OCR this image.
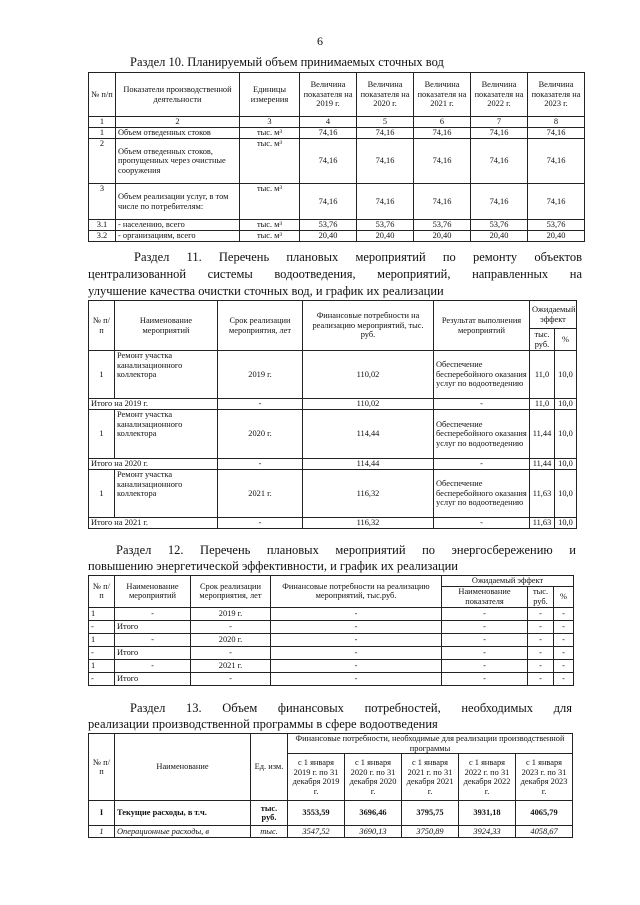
6
Раздел 10. Планируемый объем принимаемых сточных вод
№ п/п	Показатели производственной деятельности	Единицы измерения	Величина показателя на 2019 г.	Величина показателя на 2020 г.	Величина показателя на 2021 г.	Величина показателя на 2022 г.	Величина показателя на 2023 г.
1	2	3	4	5	6	7	8
1	Объем отведенных стоков	тыс. м³	74,16	74,16	74,16	74,16	74,16
2	Объем отведенных стоков, пропущенных через очистные сооружения	тыс. м³	74,16	74,16	74,16	74,16	74,16
3	Объем реализации услуг, в том числе по потребителям:	тыс. м³	74,16	74,16	74,16	74,16	74,16
3.1	- населению, всего	тыс. м³	53,76	53,76	53,76	53,76	53,76
3.2	- организациям, всего	тыс. м³	20,40	20,40	20,40	20,40	20,40
Раздел 11. Перечень плановых мероприятий по ремонту объектов
централизованной системы водоотведения, мероприятий, направленных на
улучшение качества очистки сточных вод, и график их реализации
№ п/ п	Наименование мероприятий	Срок реализации мероприятия, лет	Финансовые потребности на реализацию мероприятий, тыс. руб.	Результат выполнения мероприятий	Ожидаемый эффект	
					тыс. руб.	%
1	Ремонт участка канализационного коллектора	2019 г.	110,02	Обеспечение бесперебойного оказания услуг по водоотведению	11,0	10,0
Итого на 2019 г.		-	110,02	-	11,0	10,0
1	Ремонт участка канализационного коллектора	2020 г.	114,44	Обеспечение бесперебойного оказания услуг по водоотведению	11,44	10,0
Итого на 2020 г.		-	114,44	-	11,44	10,0
1	Ремонт участка канализационного коллектора	2021 г.	116,32	Обеспечение бесперебойного оказания услуг по водоотведению	11,63	10,0
Итого на 2021 г.		-	116,32	-	11,63	10,0
Раздел 12. Перечень плановых мероприятий по энергосбережению и
повышению энергетической эффективности, и график их реализации
№ п/п	Наименование мероприятий	Срок реализации мероприятия, лет	Финансовые потребности на реализацию мероприятий, тыс.руб.	Ожидаемый эффект		
				Наименование показателя	тыс. руб.	%
1	-	2019 г.	-	-	-	-
-	Итого	-	-	-	-	-
1	-	2020 г.	-	-	-	-
-	Итого	-	-	-	-	-
1	-	2021 г.	-	-	-	-
-	Итого	-	-	-	-	-
Раздел 13. Объем финансовых потребностей, необходимых для
реализации производственной программы в сфере водоотведения
№ п/п	Наименование	Ед. изм.	Финансовые потребности, необходимые для реализации производственной программы				
			с 1 января 2019 г. по 31 декабря 2019 г.	с 1 января 2020 г. по 31 декабря 2020 г.	с 1 января 2021 г. по 31 декабря 2021 г.	с 1 января 2022 г. по 31 декабря 2022 г.	с 1 января 2023 г. по 31 декабря 2023 г.
I	Текущие расходы, в т.ч.	тыс. руб.	3553,59	3696,46	3795,75	3931,18	4065,79
1	Операционные расходы, в	тыс.	3547,52	3690,13	3750,89	3924,33	4058,67
